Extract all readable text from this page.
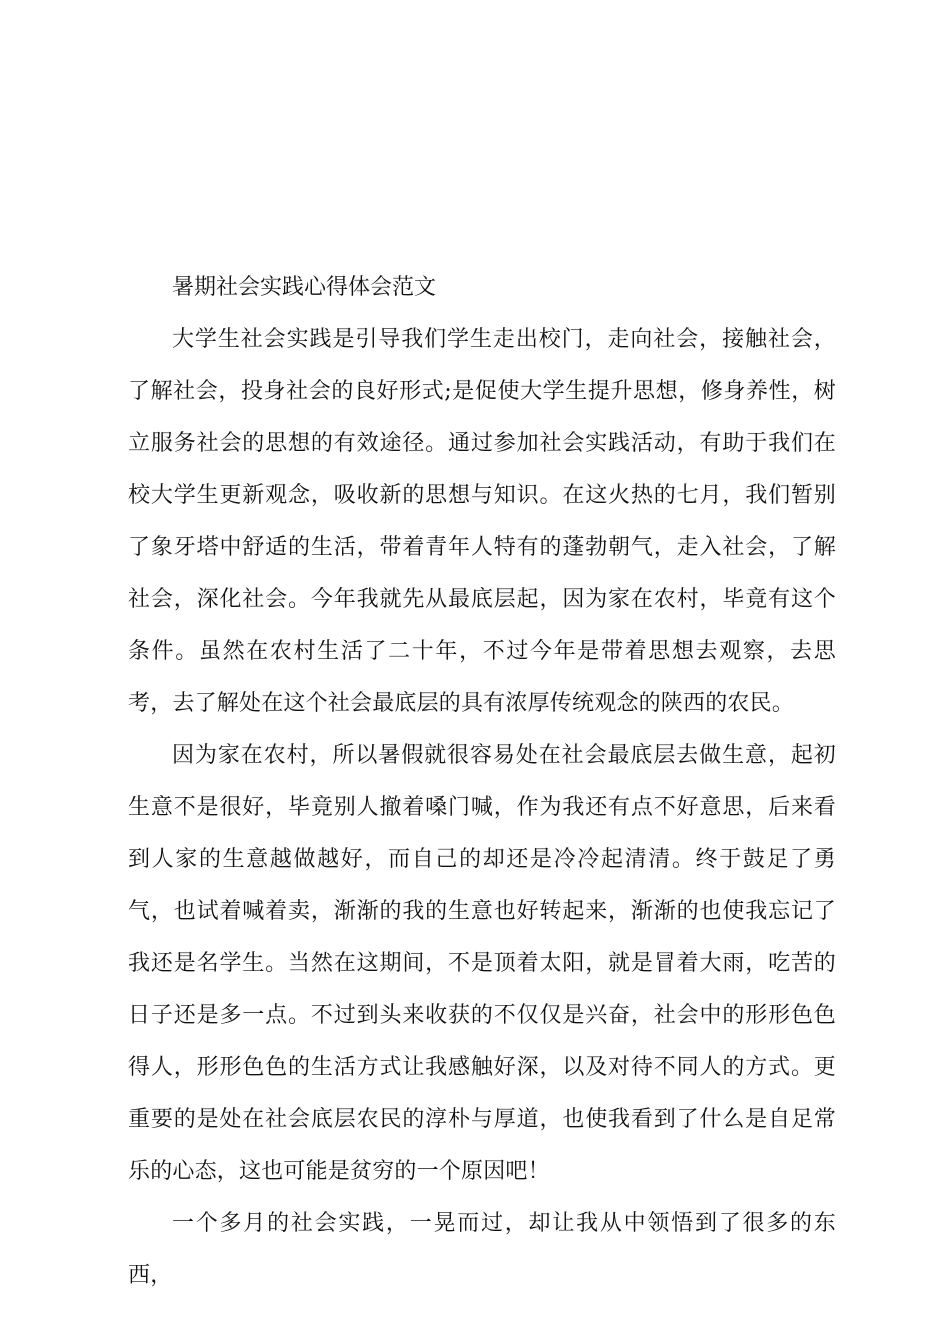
暑期社会实践心得体会范文

大学生社会实践是引导我们学生走出校门，走向社会，接触社会，了解社会，投身社会的良好形式;是促使大学生提升思想，修身养性，树立服务社会的思想的有效途径。通过参加社会实践活动，有助于我们在校大学生更新观念，吸收新的思想与知识。在这火热的七月，我们暂别了象牙塔中舒适的生活，带着青年人特有的蓬勃朝气，走入社会，了解社会，深化社会。今年我就先从最底层起，因为家在农村，毕竟有这个条件。虽然在农村生活了二十年，不过今年是带着思想去观察，去思考，去了解处在这个社会最底层的具有浓厚传统观念的陕西的农民。

因为家在农村，所以暑假就很容易处在社会最底层去做生意，起初生意不是很好，毕竟别人撤着嗓门喊，作为我还有点不好意思，后来看到人家的生意越做越好，而自己的却还是冷冷起清清。终于鼓足了勇气，也试着喊着卖，渐渐的我的生意也好转起来，渐渐的也使我忘记了我还是名学生。当然在这期间，不是顶着太阳，就是冒着大雨，吃苦的日子还是多一点。不过到头来收获的不仅仅是兴奋，社会中的形形色色得人，形形色色的生活方式让我感触好深，以及对待不同人的方式。更重要的是处在社会底层农民的淳朴与厚道，也使我看到了什么是自足常乐的心态，这也可能是贫穷的一个原因吧！

一个多月的社会实践，一晃而过，却让我从中领悟到了很多的东西，
